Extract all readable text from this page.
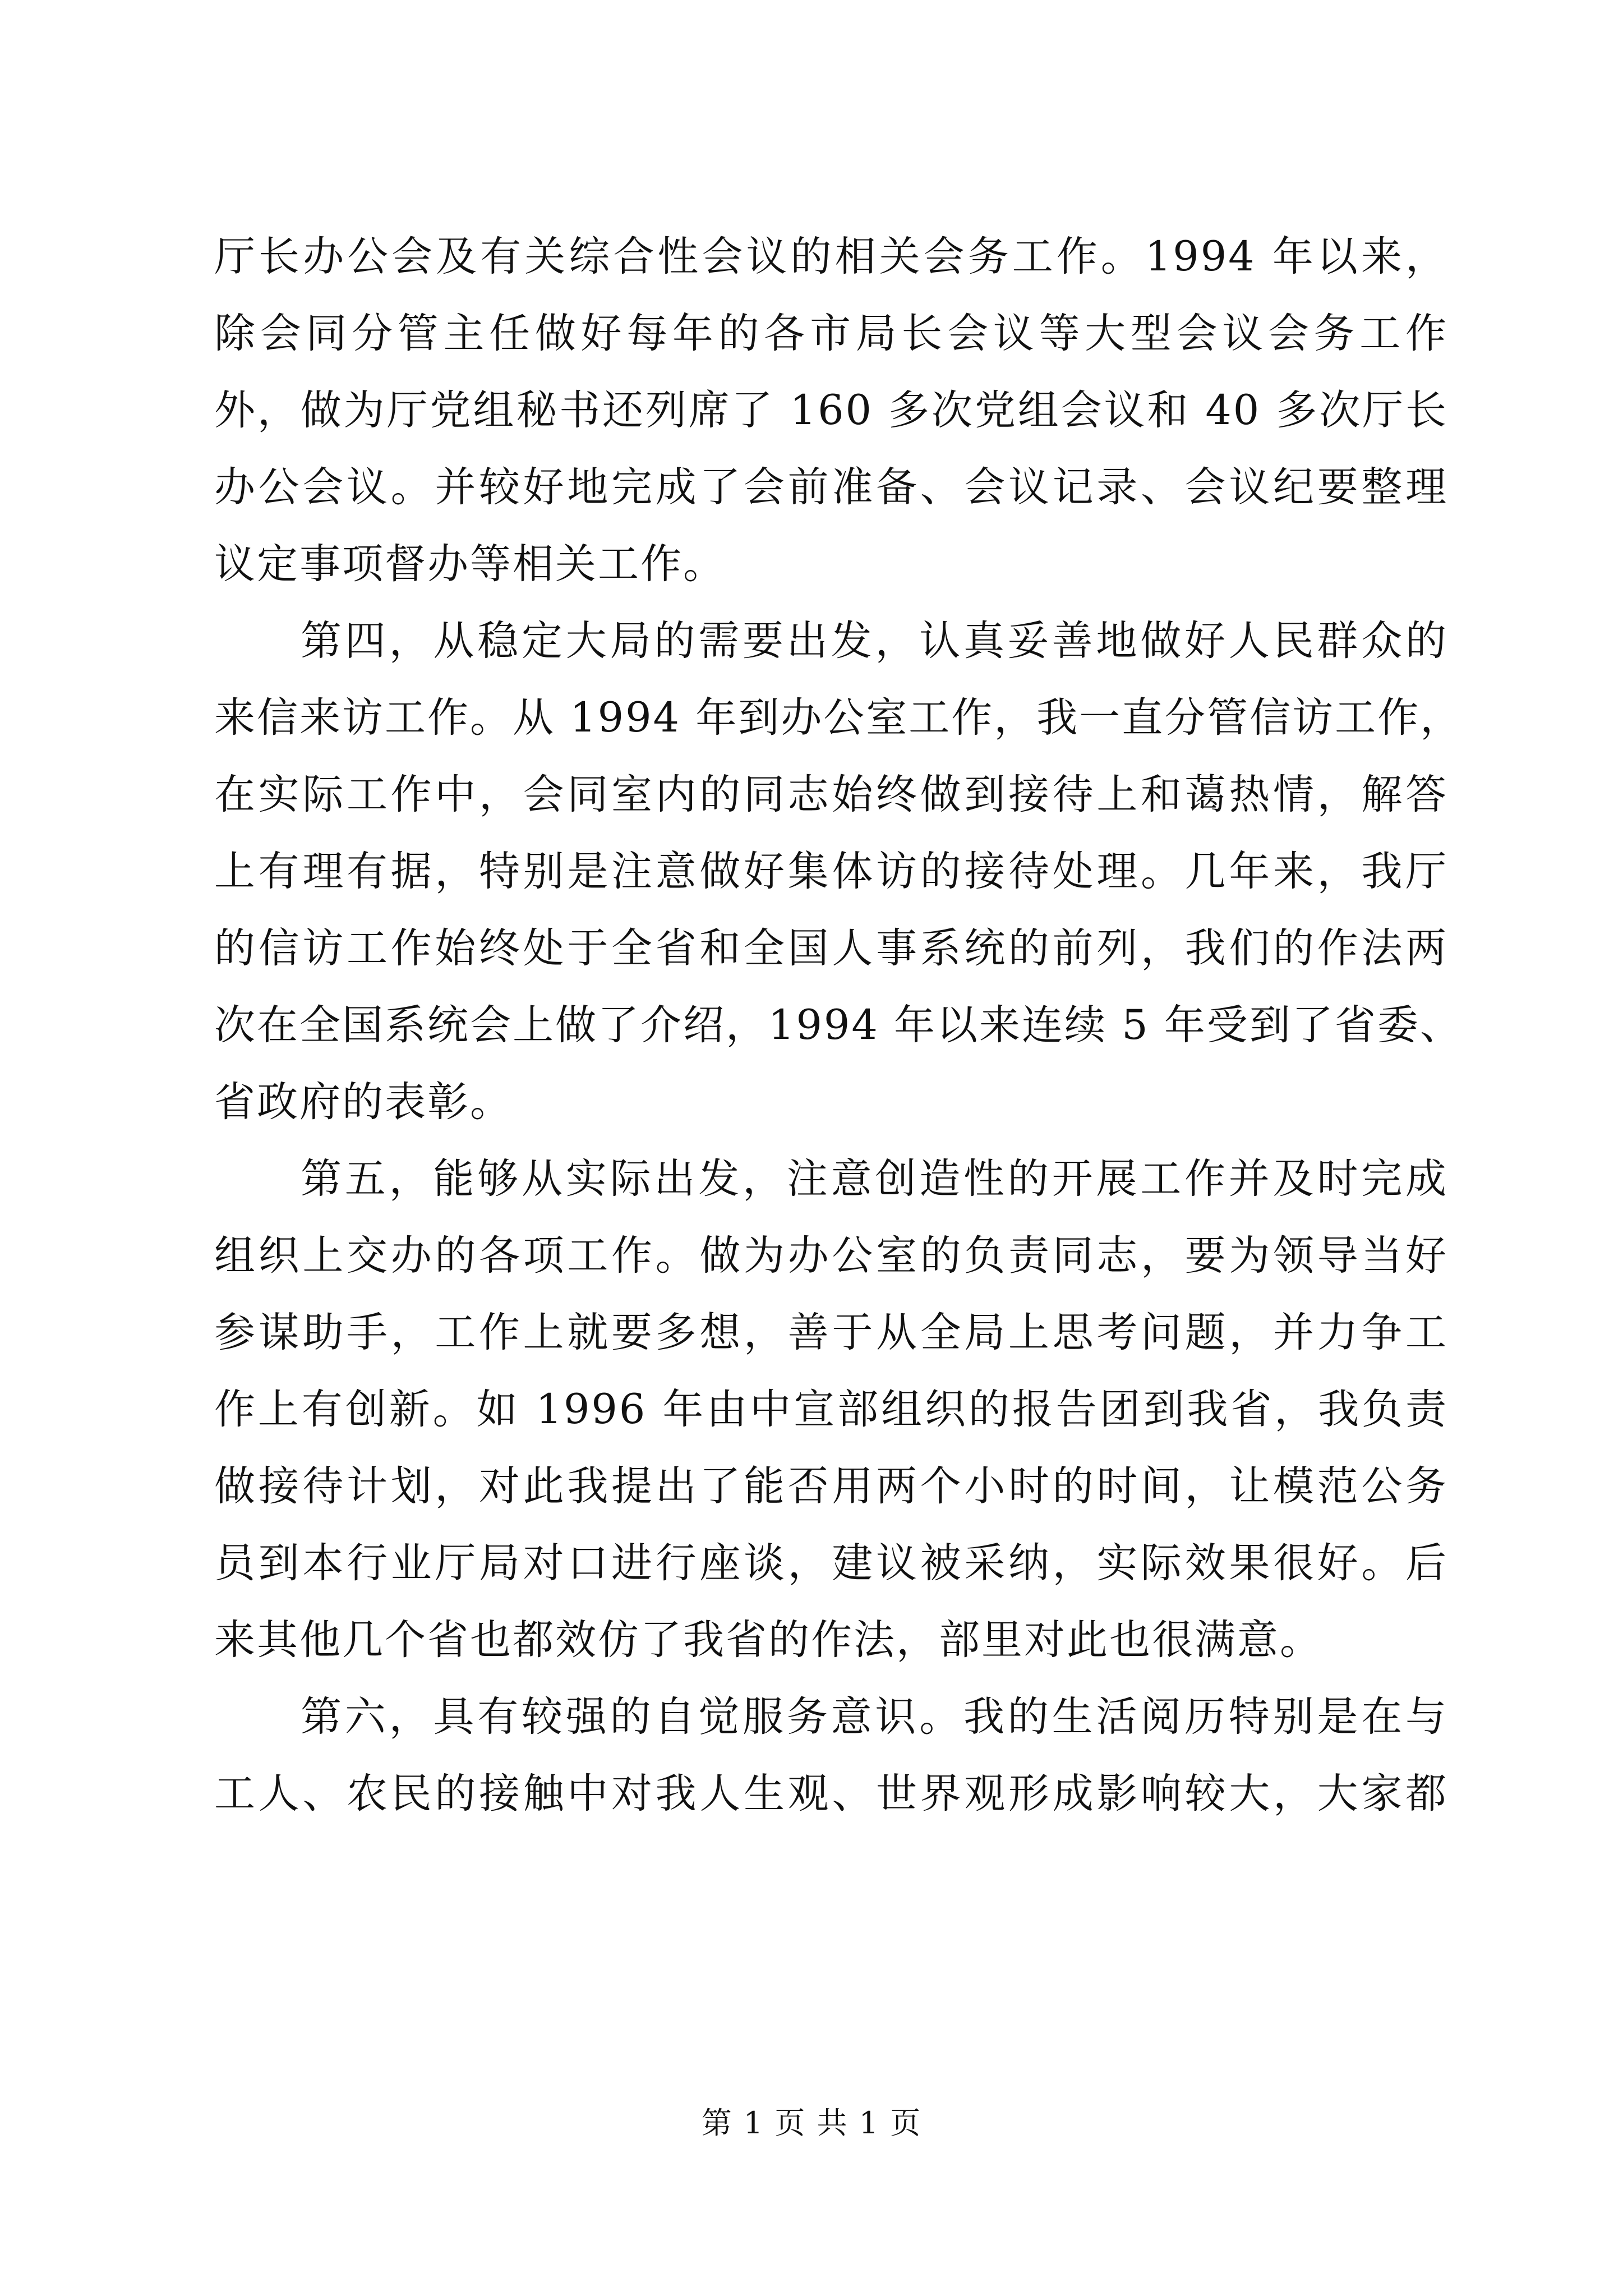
厅长办公会及有关综合性会议的相关会务工作。1994 年以来，
除会同分管主任做好每年的各市局长会议等大型会议会务工作
外，做为厅党组秘书还列席了 160 多次党组会议和 40 多次厅长
办公会议。并较好地完成了会前准备、会议记录、会议纪要整理
议定事项督办等相关工作。
第四，从稳定大局的需要出发，认真妥善地做好人民群众的
来信来访工作。从 1994 年到办公室工作，我一直分管信访工作，
在实际工作中，会同室内的同志始终做到接待上和蔼热情，解答
上有理有据，特别是注意做好集体访的接待处理。几年来，我厅
的信访工作始终处于全省和全国人事系统的前列，我们的作法两
次在全国系统会上做了介绍，1994 年以来连续 5 年受到了省委、
省政府的表彰。
第五，能够从实际出发，注意创造性的开展工作并及时完成
组织上交办的各项工作。做为办公室的负责同志，要为领导当好
参谋助手，工作上就要多想，善于从全局上思考问题，并力争工
作上有创新。如 1996 年由中宣部组织的报告团到我省，我负责
做接待计划，对此我提出了能否用两个小时的时间，让模范公务
员到本行业厅局对口进行座谈，建议被采纳，实际效果很好。后
来其他几个省也都效仿了我省的作法，部里对此也很满意。
第六，具有较强的自觉服务意识。我的生活阅历特别是在与
工人、农民的接触中对我人生观、世界观形成影响较大，大家都
第 1 页 共 1 页
